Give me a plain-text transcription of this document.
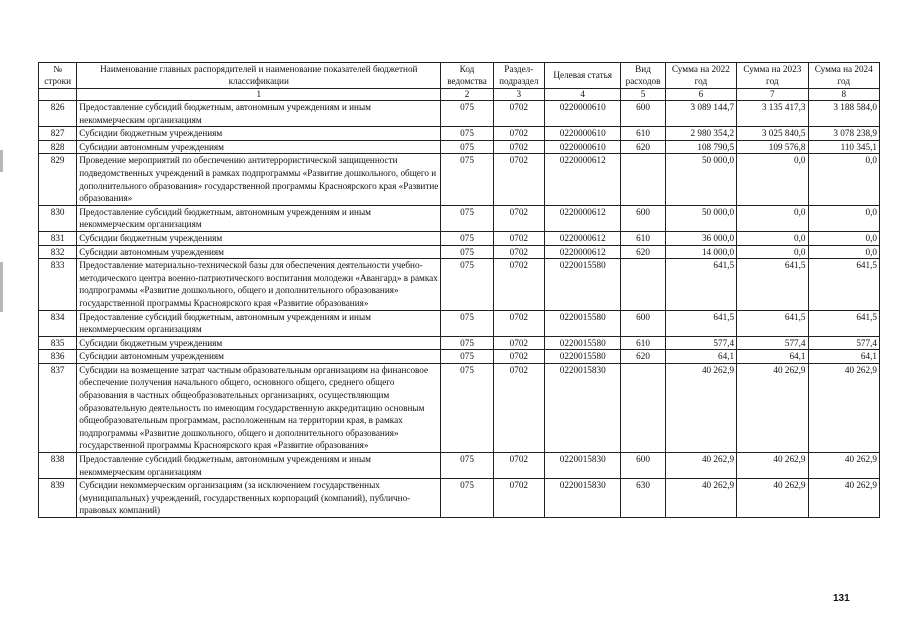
№ строки	Наименование главных распорядителей и наименование показателей бюджетной классификации	Код ведомства	Раздел-подраздел	Целевая статья	Вид расходов	Сумма на 2022 год	Сумма на 2023 год	Сумма на 2024 год
	1	2	3	4	5	6	7	8
826	Предоставление субсидий бюджетным, автономным учреждениям и иным некоммерческим организациям	075	0702	0220000610	600	3 089 144,7	3 135 417,3	3 188 584,0
827	Субсидии бюджетным учреждениям	075	0702	0220000610	610	2 980 354,2	3 025 840,5	3 078 238,9
828	Субсидии автономным учреждениям	075	0702	0220000610	620	108 790,5	109 576,8	110 345,1
829	Проведение мероприятий по обеспечению антитеррористической защищенности подведомственных учреждений в рамках подпрограммы «Развитие дошкольного, общего и дополнительного образования» государственной программы Красноярского края «Развитие образования»	075	0702	0220000612		50 000,0	0,0	0,0
830	Предоставление субсидий бюджетным, автономным учреждениям и иным некоммерческим организациям	075	0702	0220000612	600	50 000,0	0,0	0,0
831	Субсидии бюджетным учреждениям	075	0702	0220000612	610	36 000,0	0,0	0,0
832	Субсидии автономным учреждениям	075	0702	0220000612	620	14 000,0	0,0	0,0
833	Предоставление материально-технической базы для обеспечения деятельности учебно-методического центра военно-патриотического воспитания молодежи «Авангард» в рамках подпрограммы «Развитие дошкольного, общего и дополнительного образования» государственной программы Красноярского края «Развитие образования»	075	0702	0220015580		641,5	641,5	641,5
834	Предоставление субсидий бюджетным, автономным учреждениям и иным некоммерческим организациям	075	0702	0220015580	600	641,5	641,5	641,5
835	Субсидии бюджетным учреждениям	075	0702	0220015580	610	577,4	577,4	577,4
836	Субсидии автономным учреждениям	075	0702	0220015580	620	64,1	64,1	64,1
837	Субсидии на возмещение затрат частным образовательным организациям на финансовое обеспечение получения начального общего, основного общего, среднего общего образования в частных общеобразовательных организациях, осуществляющим образовательную деятельность по имеющим государственную аккредитацию основным общеобразовательным программам, расположенным на территории края, в рамках подпрограммы «Развитие дошкольного, общего и дополнительного образования» государственной программы Красноярского края «Развитие образования»	075	0702	0220015830		40 262,9	40 262,9	40 262,9
838	Предоставление субсидий бюджетным, автономным учреждениям и иным некоммерческим организациям	075	0702	0220015830	600	40 262,9	40 262,9	40 262,9
839	Субсидии некоммерческим организациям (за исключением государственных (муниципальных) учреждений, государственных корпораций (компаний), публично-правовых компаний)	075	0702	0220015830	630	40 262,9	40 262,9	40 262,9
131
